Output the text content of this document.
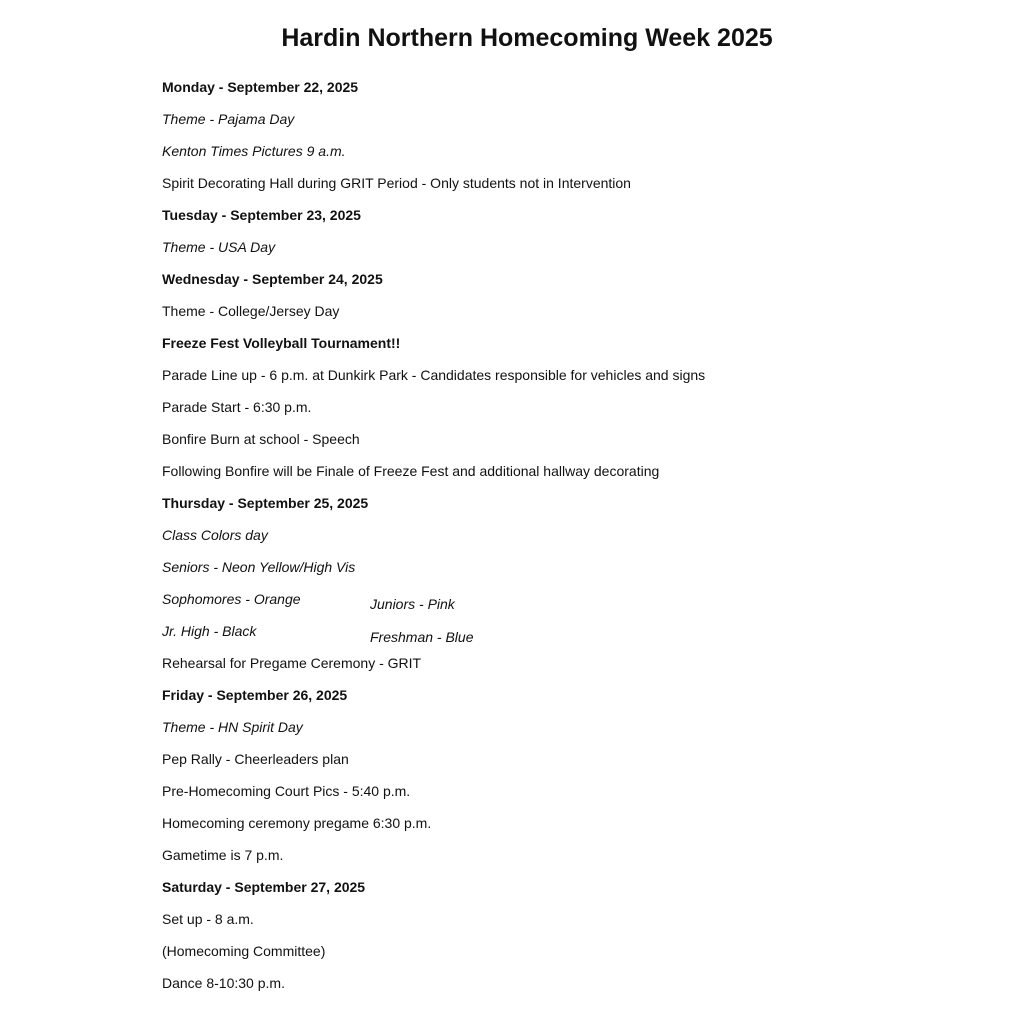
Hardin Northern Homecoming Week 2025
Monday - September 22, 2025
Theme - Pajama Day
Kenton Times Pictures 9 a.m.
Spirit Decorating Hall during GRIT Period - Only students not in Intervention
Tuesday - September 23, 2025
Theme - USA Day
Wednesday - September 24, 2025
Theme - College/Jersey Day
Freeze Fest Volleyball Tournament!!
Parade Line up - 6 p.m. at Dunkirk Park - Candidates responsible for vehicles and signs
Parade Start - 6:30 p.m.
Bonfire Burn at school - Speech
Following Bonfire will be Finale of Freeze Fest and additional hallway decorating
Thursday - September 25, 2025
Class Colors day
Seniors - Neon Yellow/High Vis
Sophomores - Orange	Juniors - Pink
Jr. High - Black	Freshman - Blue
Rehearsal for Pregame Ceremony - GRIT
Friday - September 26, 2025
Theme - HN Spirit Day
Pep Rally - Cheerleaders plan
Pre-Homecoming Court Pics - 5:40 p.m.
Homecoming ceremony pregame 6:30 p.m.
Gametime is 7 p.m.
Saturday - September 27, 2025
Set up - 8 a.m.
(Homecoming Committee)
Dance 8-10:30 p.m.
